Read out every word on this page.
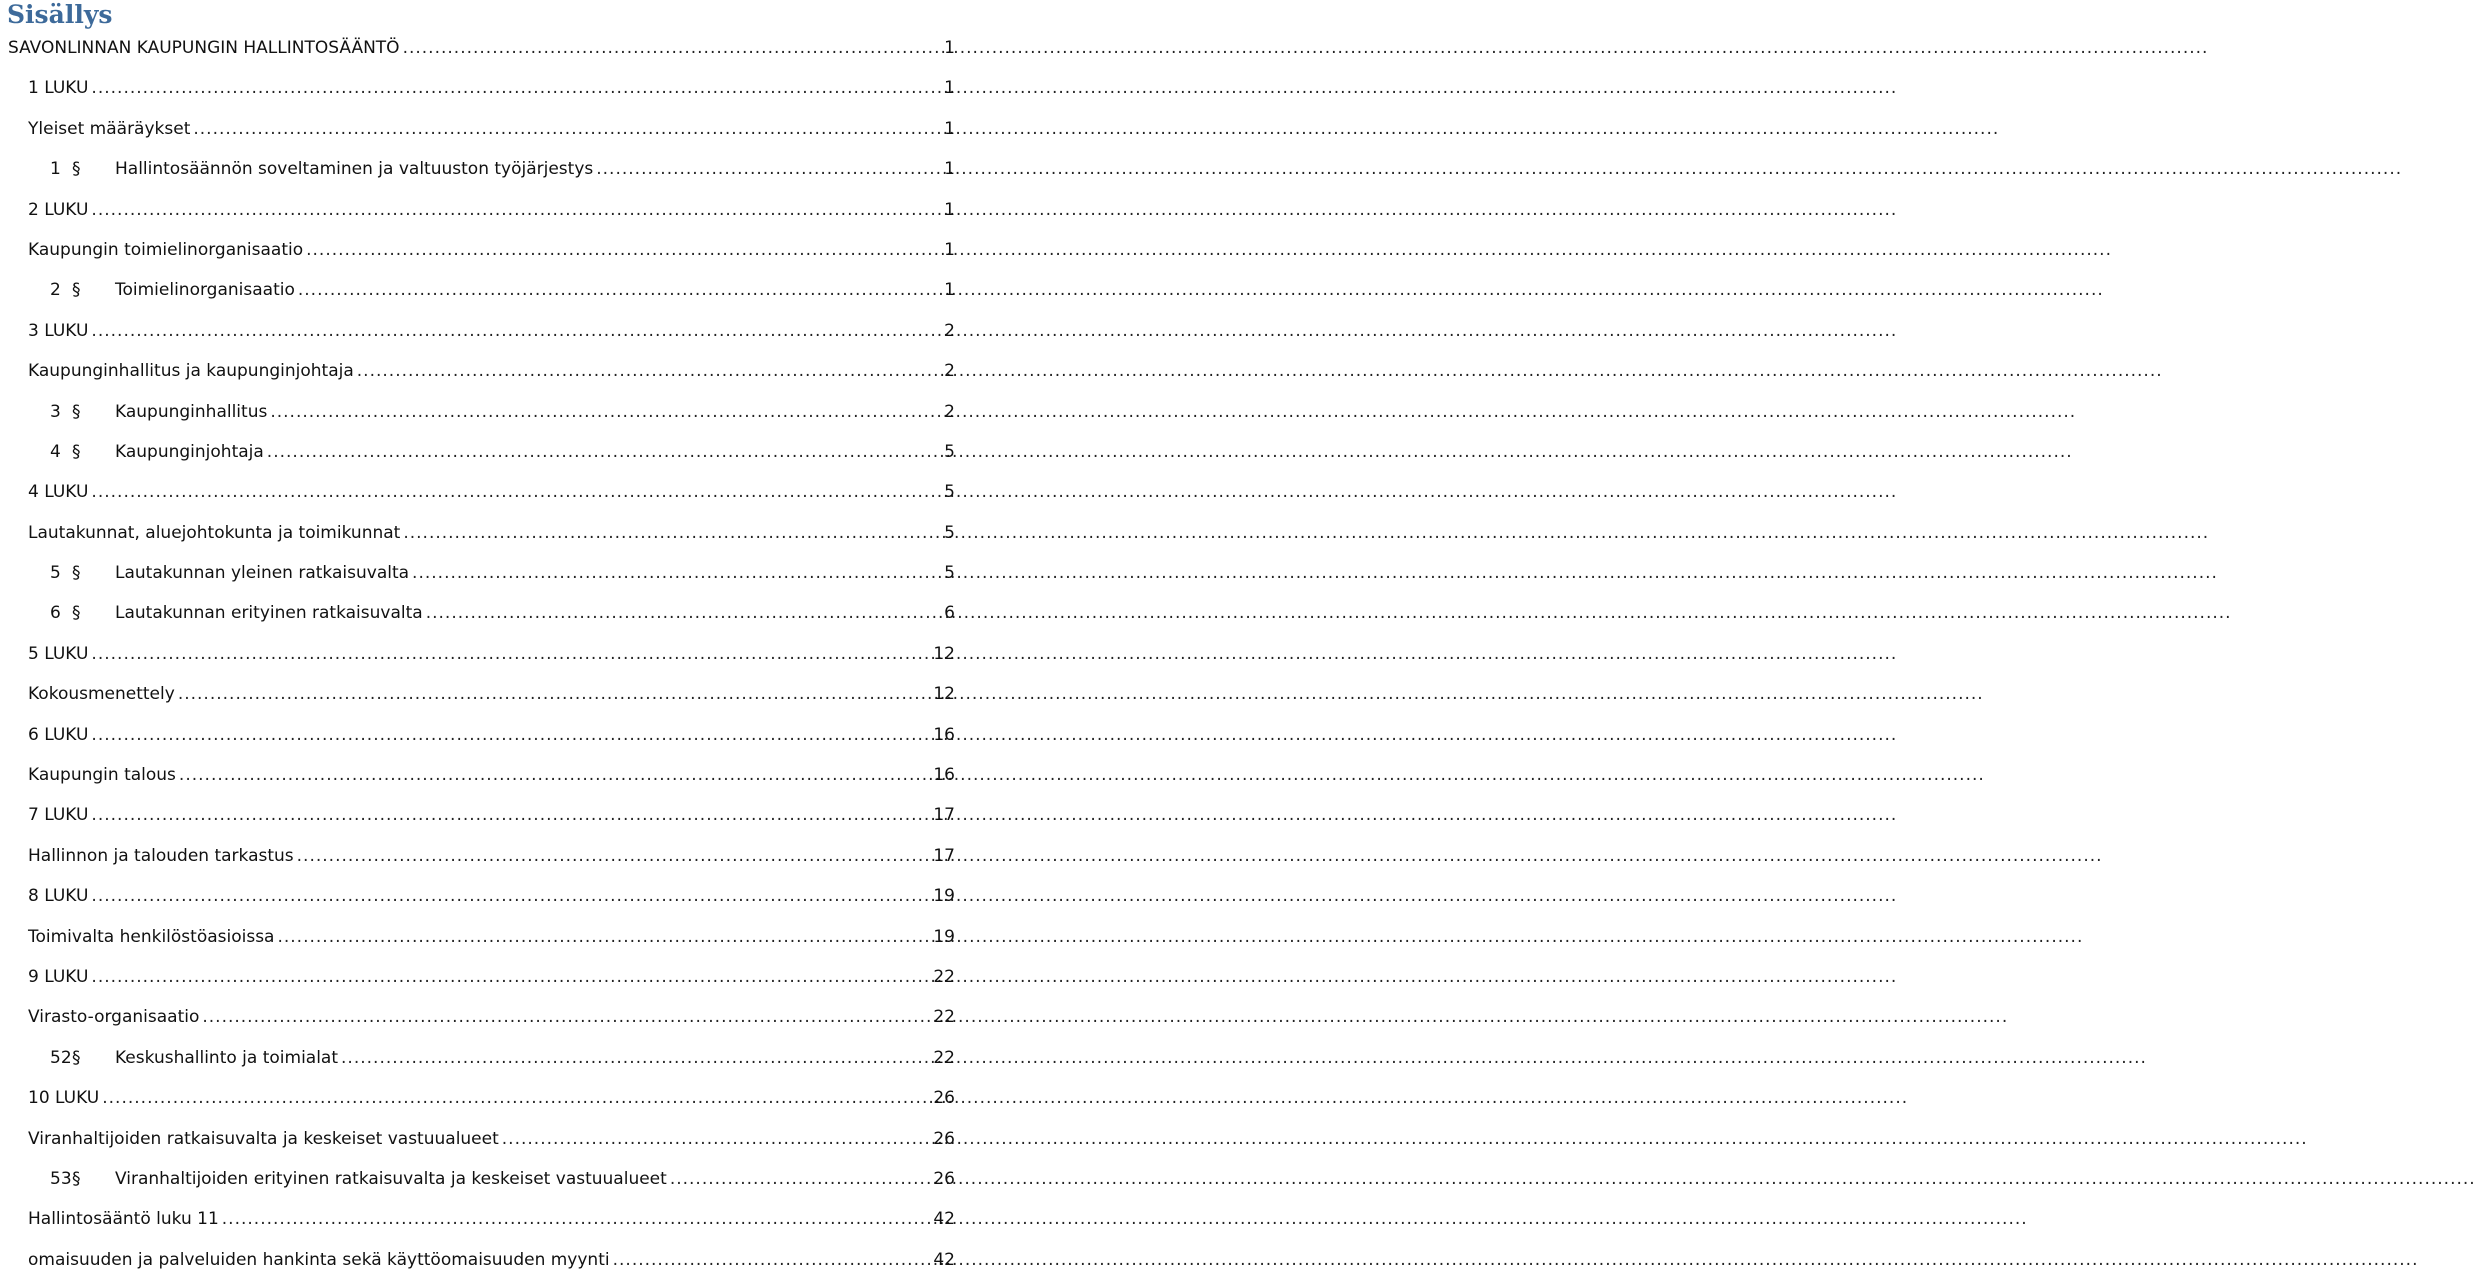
Sisällys
SAVONLINNAN KAUPUNGIN HALLINTOSÄÄNTÖ .....	1
1 LUKU .....	1
Yleiset määräykset .....	1
1 §	Hallintosäännön soveltaminen ja valtuuston työjärjestys .....	1
2 LUKU .....	1
Kaupungin toimielinorganisaatio .....	1
2 §	Toimielinorganisaatio .....	1
3 LUKU .....	2
Kaupunginhallitus ja kaupunginjohtaja .....	2
3 §	Kaupunginhallitus .....	2
4 §	Kaupunginjohtaja .....	5
4 LUKU .....	5
Lautakunnat, aluejohtokunta ja toimikunnat .....	5
5 §	Lautakunnan yleinen ratkaisuvalta .....	5
6 §	Lautakunnan erityinen ratkaisuvalta .....	6
5 LUKU .....	12
Kokousmenettely .....	12
6 LUKU .....	16
Kaupungin talous .....	16
7 LUKU .....	17
Hallinnon ja talouden tarkastus .....	17
8 LUKU .....	19
Toimivalta henkilöstöasioissa .....	19
9 LUKU .....	22
Virasto-organisaatio .....	22
52 §	Keskushallinto ja toimialat .....	22
10 LUKU .....	26
Viranhaltijoiden ratkaisuvalta ja keskeiset vastuualueet .....	26
53 §	Viranhaltijoiden erityinen ratkaisuvalta ja keskeiset vastuualueet .....	26
Hallintosääntö luku 11 .....	42
omaisuuden ja palveluiden hankinta sekä käyttöomaisuuden myynti .....	42
